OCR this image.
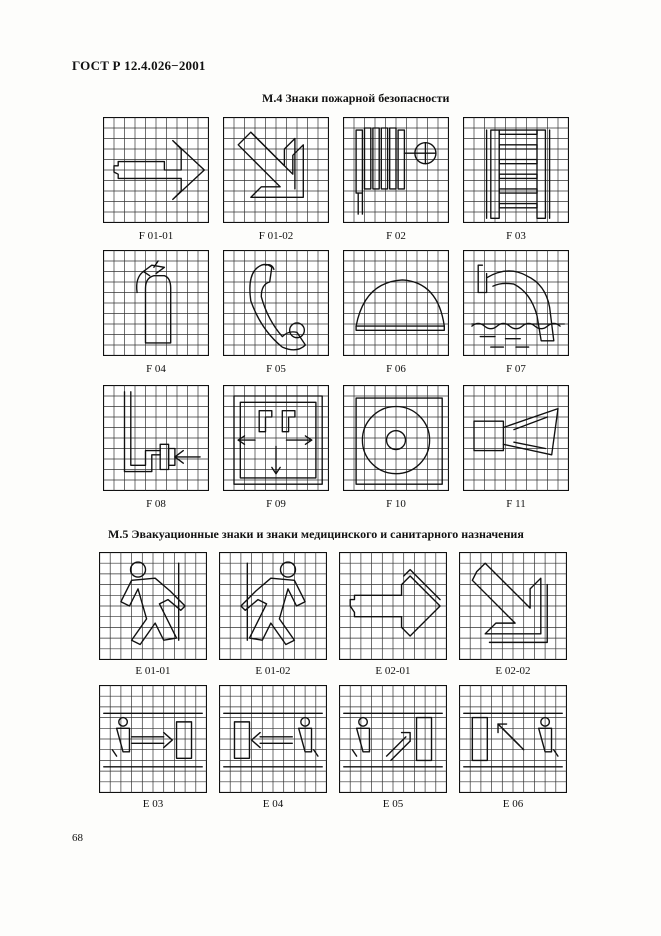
ГОСТ Р 12.4.026−2001
М.4 Знаки пожарной безопасности
М.5 Эвакуационные знаки и знаки медицинского и санитарного назначения
F 01-01	F 01-02	F 02	F 03
F 04	F 05	F 06	F 07
F 08	F 09	F 10	F 11
E 01-01	E 01-02	E 02-01	E 02-02
E 03	E 04	E 05	E 06
68
